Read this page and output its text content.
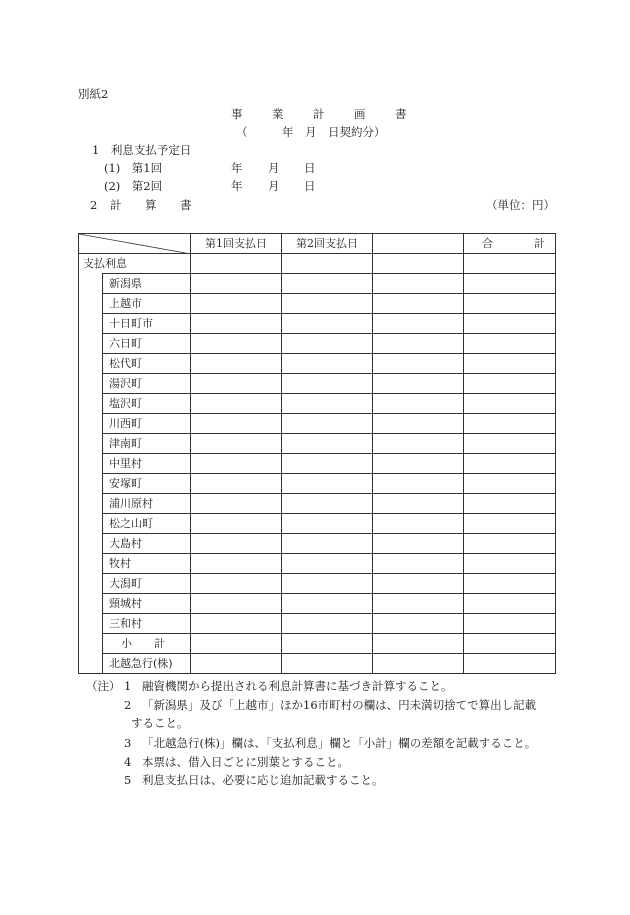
別紙2
事	業	計	画	書
（　　　年　月　日契約分）
1　利息支払予定日
(1)　第1回	年 月 日
(2)　第2回	年 月 日
2 計 算 書	（単位：円）
	第1回支払日	第2回支払日		合 計

支払利息					
	新潟県				
	上越市				
	十日町市				
	六日町				
	松代町				
	湯沢町				
	塩沢町				
	川西町				
	津南町				
	中里村				
	安塚町				
	浦川原村				
	松之山町				
	大島村				
	牧村				
	大潟町				
	頸城村				
	三和村				
	小　　計				
	北越急行(株)				
（注） 1 融資機関から提出される利息計算書に基づき計算すること。
2 「新潟県」及び「上越市」ほか16市町村の欄は、円未満切捨てで算出し記載
すること。
3 「北越急行(株)」欄は、「支払利息」欄と「小計」欄の差額を記載すること。
4 本票は、借入日ごとに別葉とすること。
5 利息支払日は、必要に応じ追加記載すること。
